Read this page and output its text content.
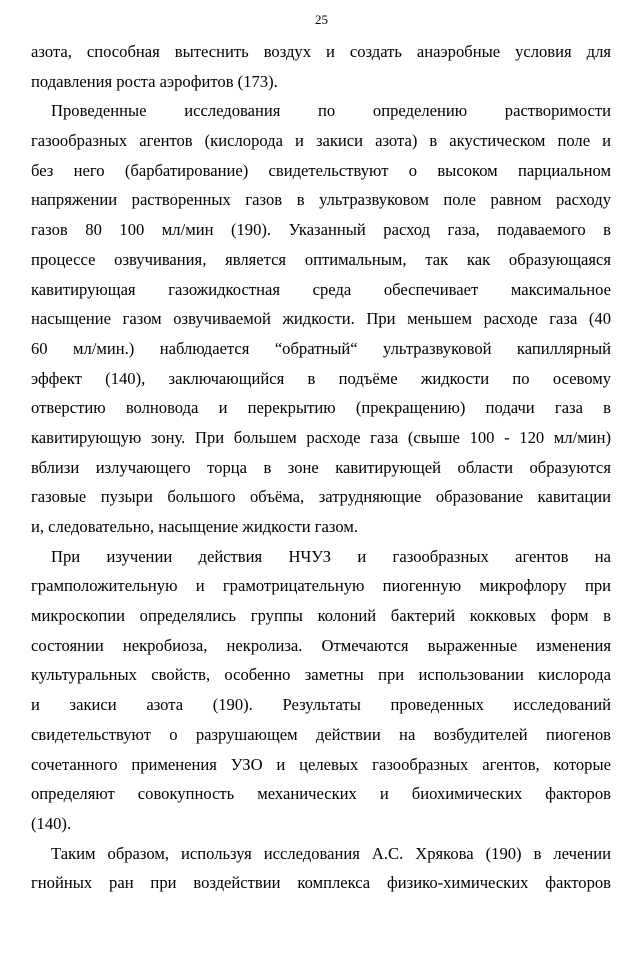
25
азота, способная вытеснить воздух и создать анаэробные условия для
подавления роста аэрофитов (173).
Проведенные исследования по определению растворимости
газообразных агентов (кислорода и закиси азота) в акустическом поле и
без него (барбатирование) свидетельствуют о высоком парциальном
напряжении растворенных газов в ультразвуковом поле равном расходу
газов 80 100 мл/мин (190). Указанный расход газа, подаваемого в
процессе озвучивания, является оптимальным, так как образующаяся
кавитирующая газожидкостная среда обеспечивает максимальное
насыщение газом озвучиваемой жидкости. При меньшем расходе газа (40
60 мл/мин.) наблюдается “обратный“ ультразвуковой капиллярный
эффект (140), заключающийся в подъёме жидкости по осевому
отверстию волновода и перекрытию (прекращению) подачи газа в
кавитирующую зону. При большем расходе газа (свыше 100 - 120 мл/мин)
вблизи излучающего торца в зоне кавитирующей области образуются
газовые пузыри большого объёма, затрудняющие образование кавитации
и, следовательно, насыщение жидкости газом.
При изучении действия НЧУЗ и газообразных агентов на
грамположительную и грамотрицательную пиогенную микрофлору при
микроскопии определялись группы колоний бактерий кокковых форм в
состоянии некробиоза, некролиза. Отмечаются выраженные изменения
культуральных свойств, особенно заметны при использовании кислорода
и закиси азота (190). Результаты проведенных исследований
свидетельствуют о разрушающем действии на возбудителей пиогенов
сочетанного применения УЗО и целевых газообразных агентов, которые
определяют совокупность механических и биохимических факторов
(140).
Таким образом, используя исследования А.С. Хрякова (190) в лечении
гнойных ран при воздействии комплекса физико-химических факторов
